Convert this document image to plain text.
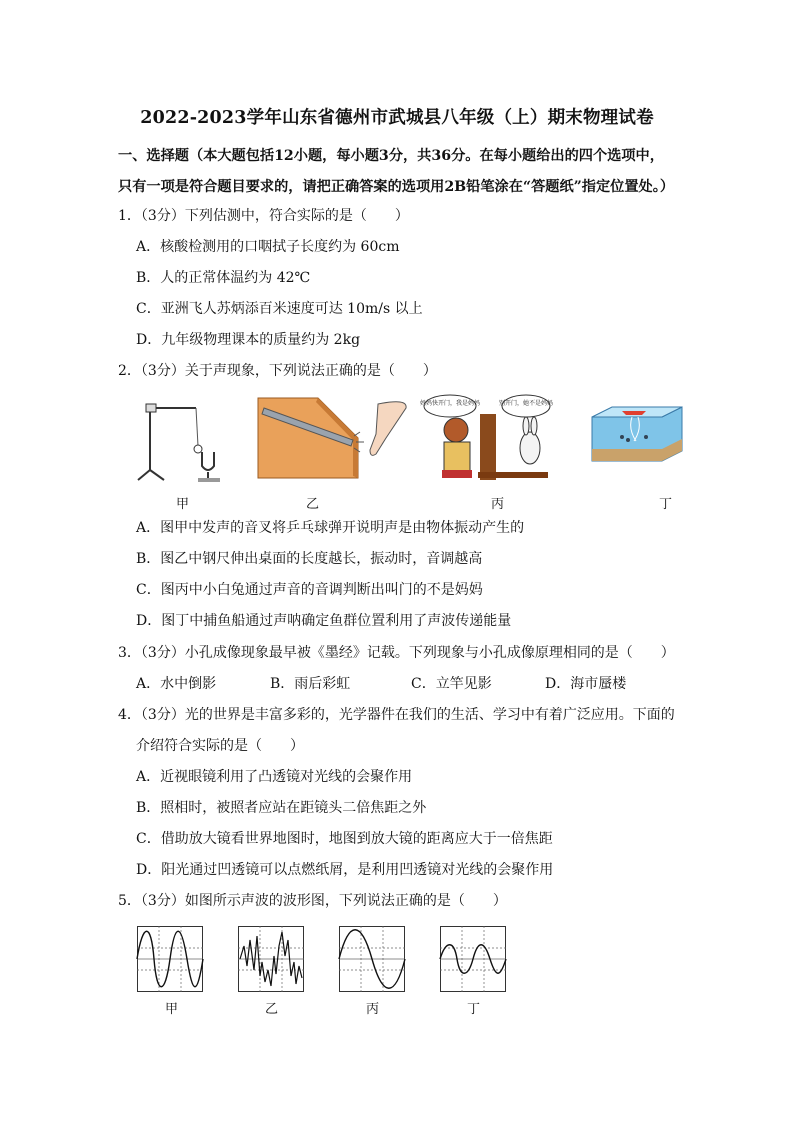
2022-2023学年山东省德州市武城县八年级（上）期末物理试卷
一、选择题（本大题包括12小题，每小题3分，共36分。在每小题给出的四个选项中，
只有一项是符合题目要求的，请把正确答案的选项用2B铅笔涂在“答题纸”指定位置处。）
1．（3分）下列估测中，符合实际的是（　　）
A．核酸检测用的口咽拭子长度约为 60cm
B．人的正常体温约为 42℃
C．亚洲飞人苏炳添百米速度可达 10m/s 以上
D．九年级物理课本的质量约为 2kg
2．（3分）关于声现象，下列说法正确的是（　　）
妈妈快开门，我是妈妈	别开门，她不是妈妈
甲	乙	丙	丁
A．图甲中发声的音叉将乒乓球弹开说明声是由物体振动产生的
B．图乙中钢尺伸出桌面的长度越长，振动时，音调越高
C．图丙中小白兔通过声音的音调判断出叫门的不是妈妈
D．图丁中捕鱼船通过声呐确定鱼群位置利用了声波传递能量
3．（3分）小孔成像现象最早被《墨经》记载。下列现象与小孔成像原理相同的是（　　）
A．水中倒影	B．雨后彩虹	C．立竿见影	D．海市蜃楼
4．（3分）光的世界是丰富多彩的，光学器件在我们的生活、学习中有着广泛应用。下面的
介绍符合实际的是（　　）
A．近视眼镜利用了凸透镜对光线的会聚作用
B．照相时，被照者应站在距镜头二倍焦距之外
C．借助放大镜看世界地图时，地图到放大镜的距离应大于一倍焦距
D．阳光通过凹透镜可以点燃纸屑，是利用凹透镜对光线的会聚作用
5．（3分）如图所示声波的波形图，下列说法正确的是（　　）
甲	乙	丙	丁
